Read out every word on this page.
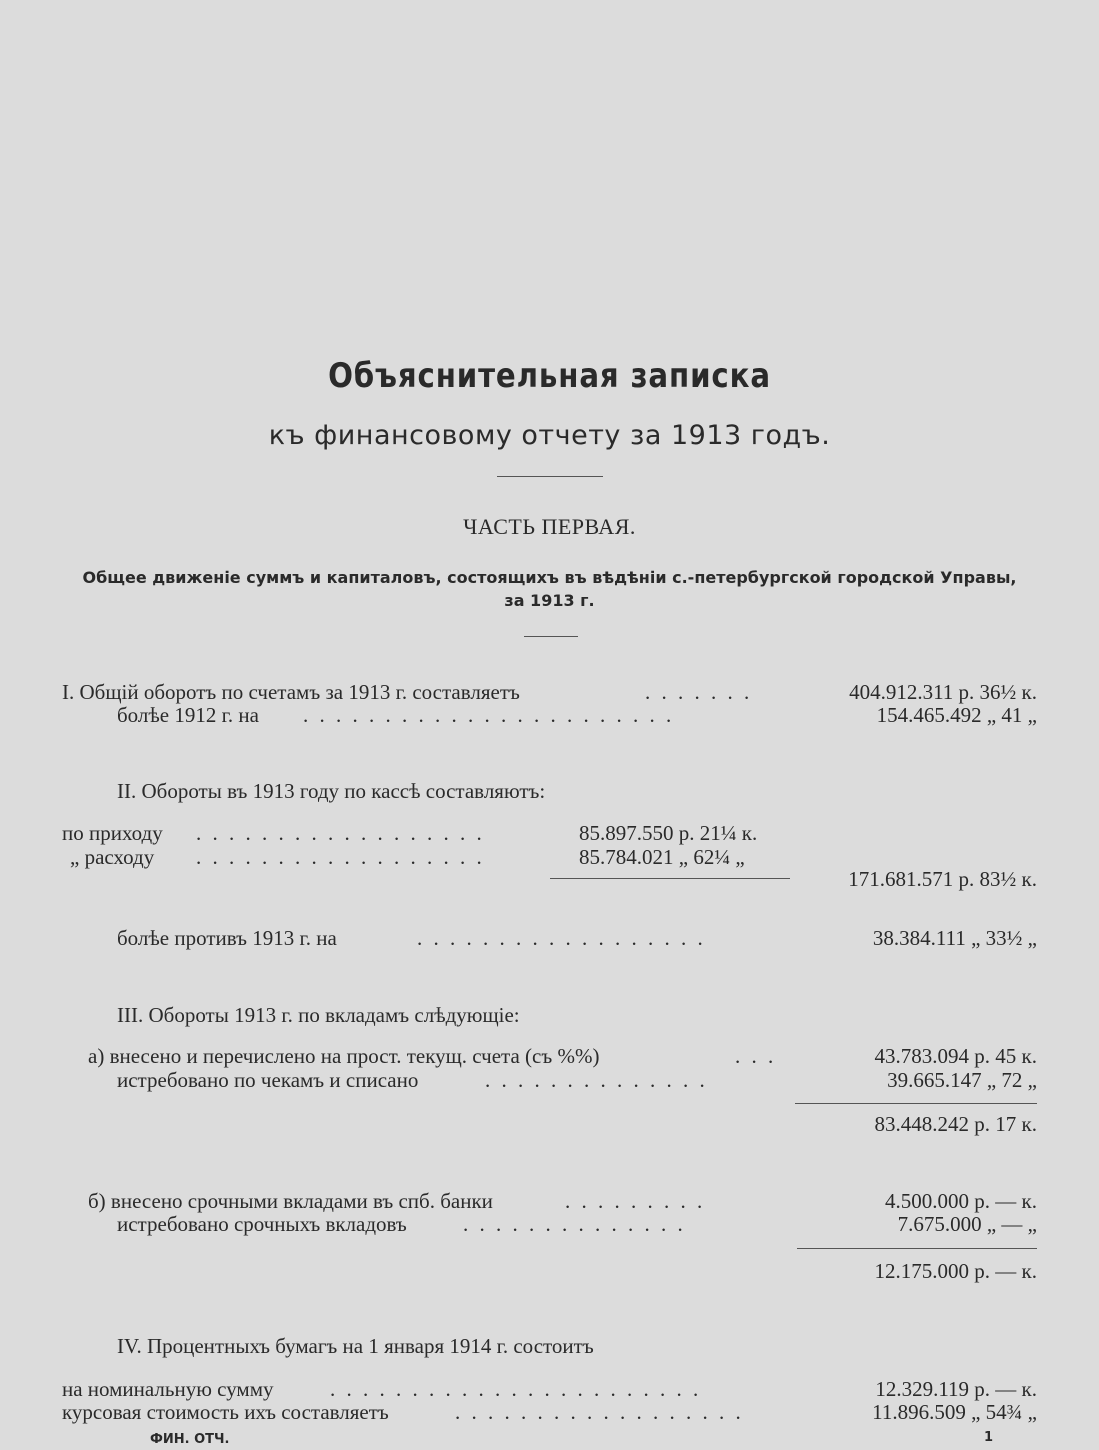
Объяснительная записка
къ финансовому отчету за 1913 годъ.
ЧАСТЬ ПЕРВАЯ.
Общее движеніе суммъ и капиталовъ, состоящихъ въ вѣдѣніи с.-петербургской городской Управы,
за 1913 г.
I. Общій оборотъ по счетамъ за 1913 г. составляетъ	. . . . . . .	404.912.311 р. 36½ к.
болѣе 1912 г. на . . . . . . . . . . . . . . . . . . . . . . .	154.465.492 „ 41 „
II. Обороты въ 1913 году по кассѣ составляютъ:
по приходу . . . . . . . . . . . . . . . . . .	85.897.550 р. 21¼ к.
„ расходу . . . . . . . . . . . . . . . . . .	85.784.021 „ 62¼ „
171.681.571 р. 83½ к.
болѣе противъ 1913 г. на	. . . . . . . . . . . . . . . . . .	38.384.111 „ 33½ „
III. Обороты 1913 г. по вкладамъ слѣдующіе:
а) внесено и перечислено на прост. текущ. счета (съ %%)	. . .	43.783.094 р. 45 к.
истребовано по чекамъ и списано	. . . . . . . . . . . . . .	39.665.147 „ 72 „
83.448.242 р. 17 к.
б) внесено срочными вкладами въ спб. банки	. . . . . . . . .	4.500.000 р. — к.
истребовано срочныхъ вкладовъ	. . . . . . . . . . . . . .	7.675.000 „ — „
12.175.000 р. — к.
IV. Процентныхъ бумагъ на 1 января 1914 г. состоитъ
на номинальную сумму	. . . . . . . . . . . . . . . . . . . . . . .	12.329.119 р. — к.
курсовая стоимость ихъ составляетъ	. . . . . . . . . . . . . . . . . .	11.896.509 „ 54¾ „
ФИН. ОТЧ.	1
